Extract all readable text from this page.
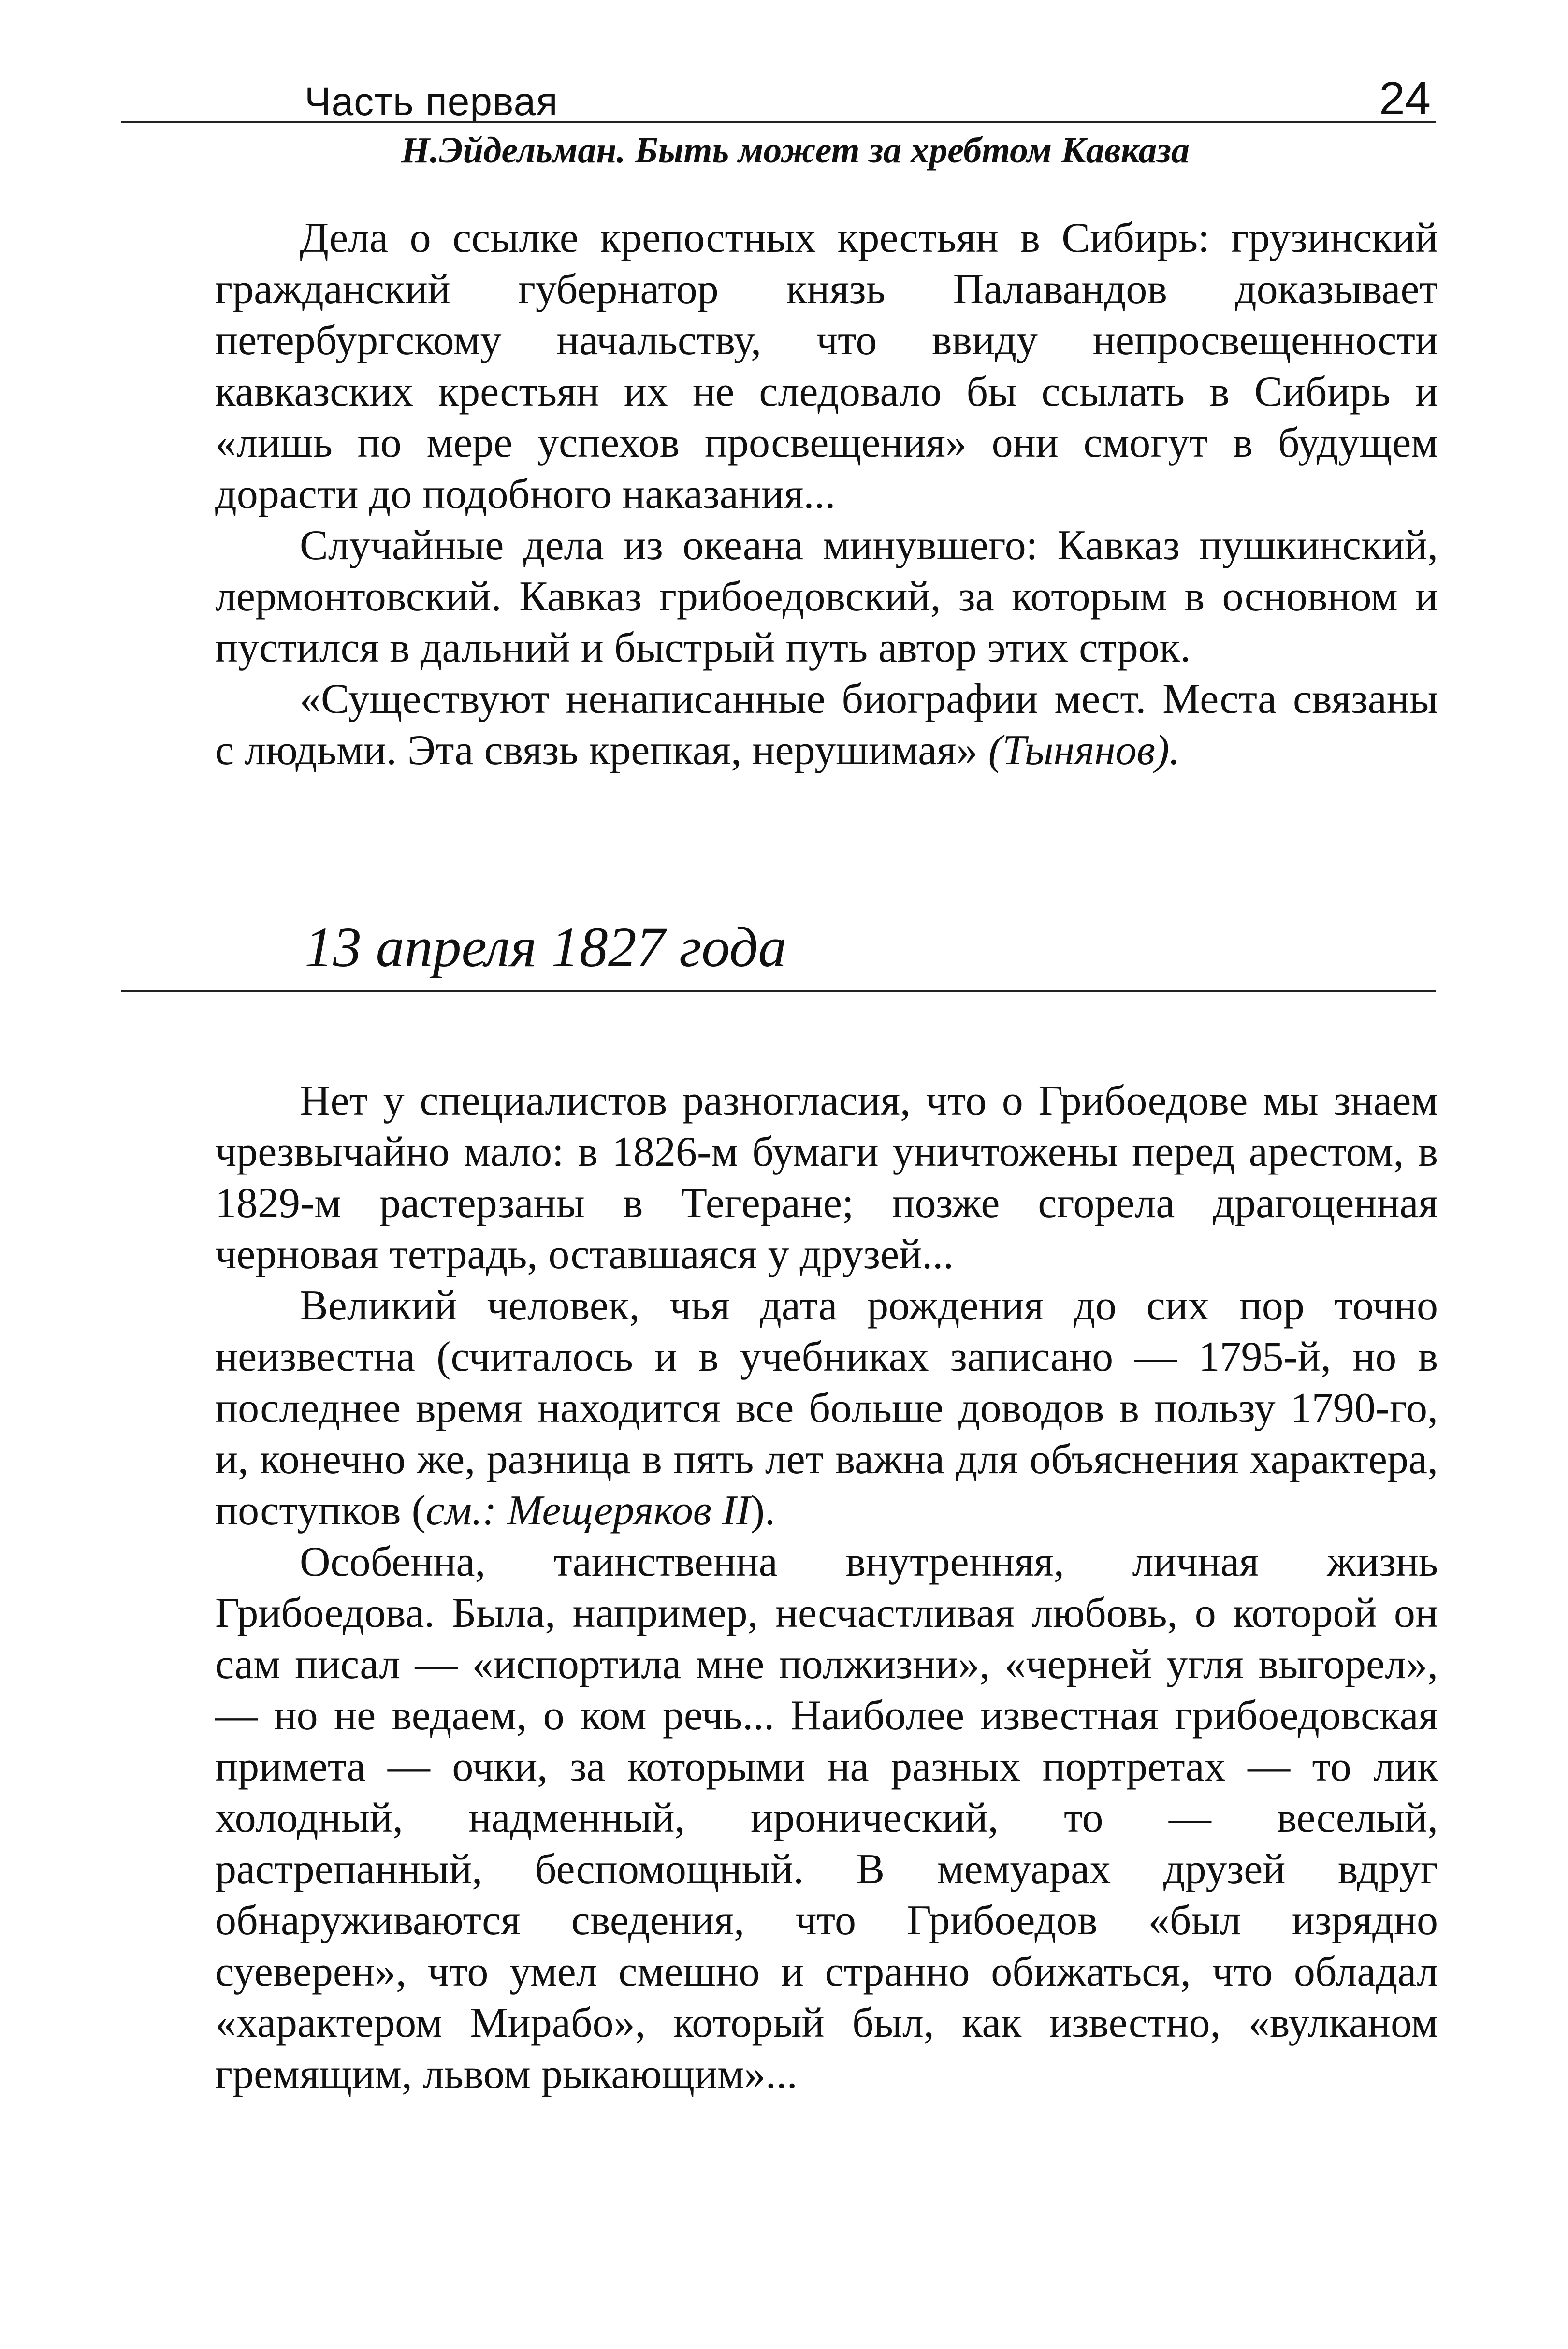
Часть первая	24
Н.Эйдельман. Быть может за хребтом Кавказа

Дела о ссылке крепостных крестьян в Сибирь: грузинский гражданский губернатор князь Палавандов доказывает петербургскому начальству, что ввиду непросвещенности кавказских крестьян их не следовало бы ссылать в Сибирь и «лишь по мере успехов просвещения» они смогут в будущем дорасти до подобного наказания...

Случайные дела из океана минувшего: Кавказ пушкинский, лермонтовский. Кавказ грибоедовский, за которым в основном и пустился в дальний и быстрый путь автор этих строк.

«Существуют ненаписанные биографии мест. Места связаны с людьми. Эта связь крепкая, нерушимая» (Тынянов).

13 апреля 1827 года

Нет у специалистов разногласия, что о Грибоедове мы знаем чрезвычайно мало: в 1826-м бумаги уничтожены перед арестом, в 1829-м растерзаны в Тегеране; позже сгорела драгоценная черновая тетрадь, оставшаяся у друзей...

Великий человек, чья дата рождения до сих пор точно неизвестна (считалось и в учебниках записано — 1795-й, но в последнее время находится все больше доводов в пользу 1790-го, и, конечно же, разница в пять лет важна для объяснения характера, поступков (см.: Мещеряков II).

Особенна, таинственна внутренняя, личная жизнь Грибоедова. Была, например, несчастливая любовь, о которой он сам писал — «испортила мне полжизни», «черней угля выгорел», — но не ведаем, о ком речь... Наиболее известная грибоедовская примета — очки, за которыми на разных портретах — то лик холодный, надменный, иронический, то — веселый, растрепанный, беспомощный. В мемуарах друзей вдруг обнаруживаются сведения, что Грибоедов «был изрядно суеверен», что умел смешно и странно обижаться, что обладал «характером Мирабо», который был, как известно, «вулканом гремящим, львом рыкающим»...
